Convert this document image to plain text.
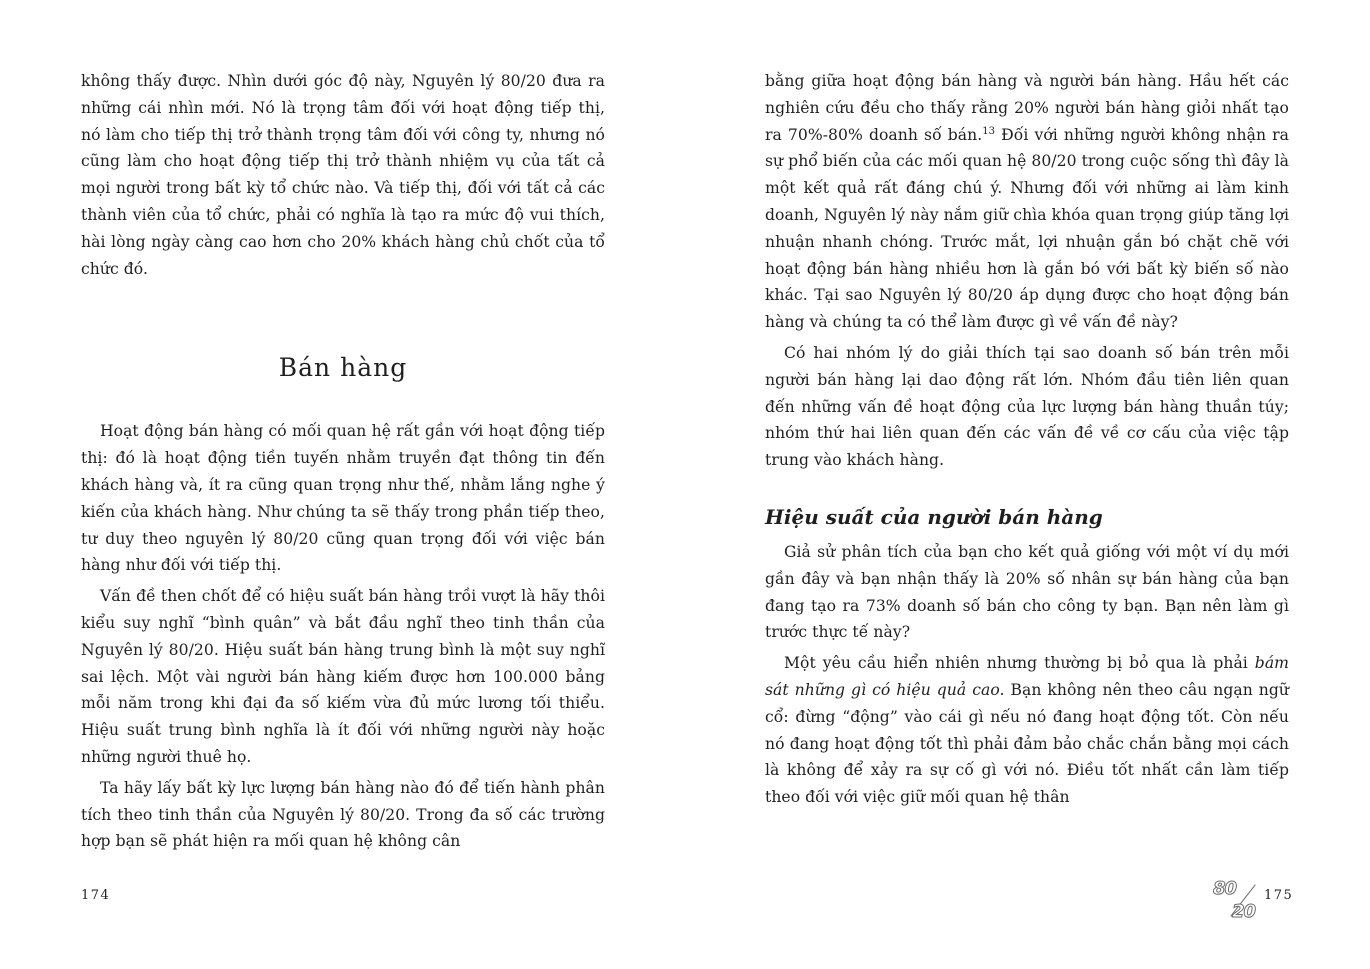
không thấy được. Nhìn dưới góc độ này, Nguyên lý 80/20 đưa ra những cái nhìn mới. Nó là trọng tâm đối với hoạt động tiếp thị, nó làm cho tiếp thị trở thành trọng tâm đối với công ty, nhưng nó cũng làm cho hoạt động tiếp thị trở thành nhiệm vụ của tất cả mọi người trong bất kỳ tổ chức nào. Và tiếp thị, đối với tất cả các thành viên của tổ chức, phải có nghĩa là tạo ra mức độ vui thích, hài lòng ngày càng cao hơn cho 20% khách hàng chủ chốt của tổ chức đó.

Bán hàng

Hoạt động bán hàng có mối quan hệ rất gần với hoạt động tiếp thị: đó là hoạt động tiền tuyến nhằm truyền đạt thông tin đến khách hàng và, ít ra cũng quan trọng như thế, nhằm lắng nghe ý kiến của khách hàng. Như chúng ta sẽ thấy trong phần tiếp theo, tư duy theo nguyên lý 80/20 cũng quan trọng đối với việc bán hàng như đối với tiếp thị.

Vấn đề then chốt để có hiệu suất bán hàng trồi vượt là hãy thôi kiểu suy nghĩ “bình quân” và bắt đầu nghĩ theo tinh thần của Nguyên lý 80/20. Hiệu suất bán hàng trung bình là một suy nghĩ sai lệch. Một vài người bán hàng kiếm được hơn 100.000 bảng mỗi năm trong khi đại đa số kiếm vừa đủ mức lương tối thiểu. Hiệu suất trung bình nghĩa là ít đối với những người này hoặc những người thuê họ.

Ta hãy lấy bất kỳ lực lượng bán hàng nào đó để tiến hành phân tích theo tinh thần của Nguyên lý 80/20. Trong đa số các trường hợp bạn sẽ phát hiện ra mối quan hệ không cân

174

bằng giữa hoạt động bán hàng và người bán hàng. Hầu hết các nghiên cứu đều cho thấy rằng 20% người bán hàng giỏi nhất tạo ra 70%-80% doanh số bán.$^{13}$ Đối với những người không nhận ra sự phổ biến của các mối quan hệ 80/20 trong cuộc sống thì đây là một kết quả rất đáng chú ý. Nhưng đối với những ai làm kinh doanh, Nguyên lý này nắm giữ chìa khóa quan trọng giúp tăng lợi nhuận nhanh chóng. Trước mắt, lợi nhuận gắn bó chặt chẽ với hoạt động bán hàng nhiều hơn là gắn bó với bất kỳ biến số nào khác. Tại sao Nguyên lý 80/20 áp dụng được cho hoạt động bán hàng và chúng ta có thể làm được gì về vấn đề này?

Có hai nhóm lý do giải thích tại sao doanh số bán trên mỗi người bán hàng lại dao động rất lớn. Nhóm đầu tiên liên quan đến những vấn đề hoạt động của lực lượng bán hàng thuần túy; nhóm thứ hai liên quan đến các vấn đề về cơ cấu của việc tập trung vào khách hàng.

Hiệu suất của người bán hàng

Giả sử phân tích của bạn cho kết quả giống với một ví dụ mới gần đây và bạn nhận thấy là 20% số nhân sự bán hàng của bạn đang tạo ra 73% doanh số bán cho công ty bạn. Bạn nên làm gì trước thực tế này?

Một yêu cầu hiển nhiên nhưng thường bị bỏ qua là phải bám sát những gì có hiệu quả cao. Bạn không nên theo câu ngạn ngữ cổ: đừng “động” vào cái gì nếu nó đang hoạt động tốt. Còn nếu nó đang hoạt động tốt thì phải đảm bảo chắc chắn bằng mọi cách là không để xảy ra sự cố gì với nó. Điều tốt nhất cần làm tiếp theo đối với việc giữ mối quan hệ thân

80
20
175
